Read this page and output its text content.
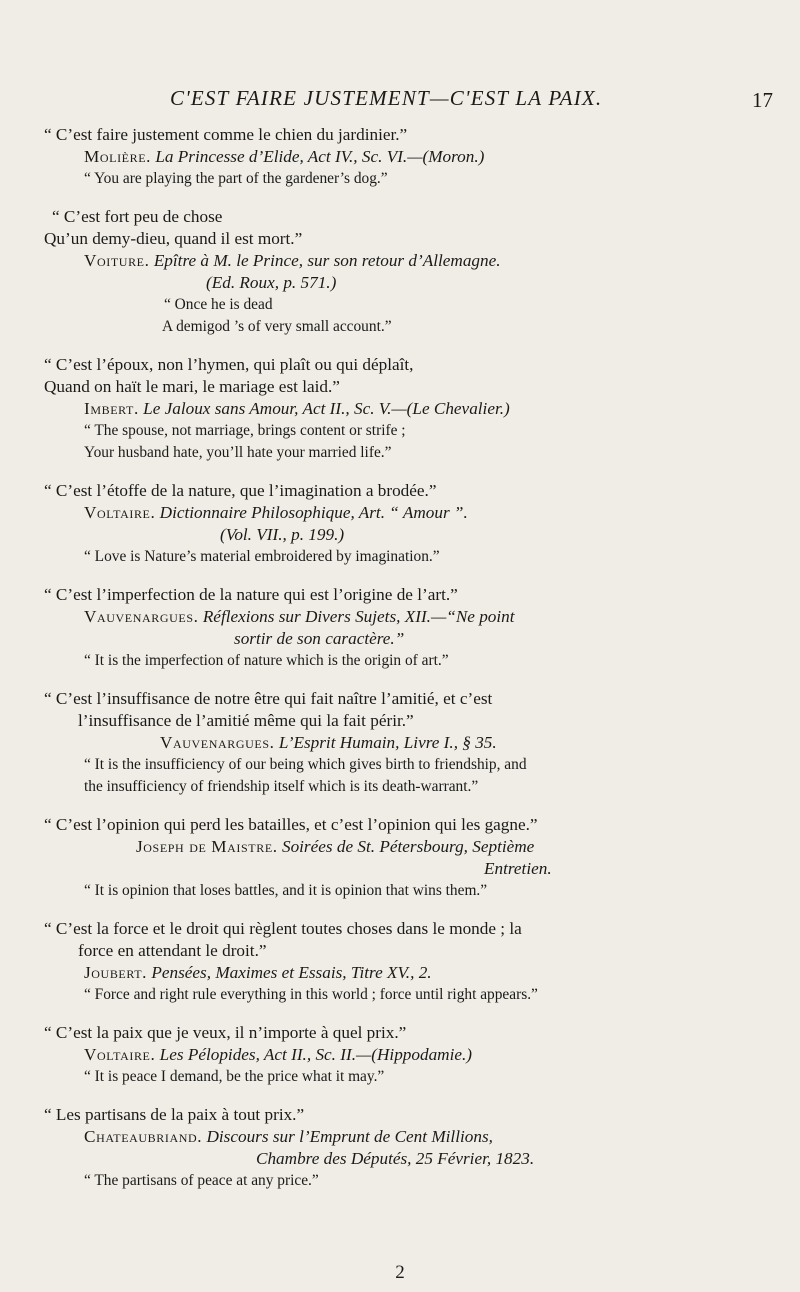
C'EST FAIRE JUSTEMENT—C'EST LA PAIX.	17
“ C’est faire justement comme le chien du jardinier.”
Molière. La Princesse d’Elide, Act IV., Sc. VI.—(Moron.)
“ You are playing the part of the gardener’s dog.”
“ C’est fort peu de chose
Qu’un demy-dieu, quand il est mort.”
Voiture. Epître à M. le Prince, sur son retour d’Allemagne.
(Ed. Roux, p. 571.)
“ Once he is dead
A demigod ’s of very small account.”
“ C’est l’époux, non l’hymen, qui plaît ou qui déplaît,
Quand on haït le mari, le mariage est laid.”
Imbert. Le Jaloux sans Amour, Act II., Sc. V.—(Le Chevalier.)
“ The spouse, not marriage, brings content or strife ;
Your husband hate, you’ll hate your married life.”
“ C’est l’étoffe de la nature, que l’imagination a brodée.”
Voltaire. Dictionnaire Philosophique, Art. “ Amour ”.
(Vol. VII., p. 199.)
“ Love is Nature’s material embroidered by imagination.”
“ C’est l’imperfection de la nature qui est l’origine de l’art.”
Vauvenargues. Réflexions sur Divers Sujets, XII.—“Ne point
sortir de son caractère.”
“ It is the imperfection of nature which is the origin of art.”
“ C’est l’insuffisance de notre être qui fait naître l’amitié, et c’est
l’insuffisance de l’amitié même qui la fait périr.”
Vauvenargues. L’Esprit Humain, Livre I., § 35.
“ It is the insufficiency of our being which gives birth to friendship, and
the insufficiency of friendship itself which is its death-warrant.”
“ C’est l’opinion qui perd les batailles, et c’est l’opinion qui les gagne.”
Joseph de Maistre. Soirées de St. Pétersbourg, Septième
Entretien.
“ It is opinion that loses battles, and it is opinion that wins them.”
“ C’est la force et le droit qui règlent toutes choses dans le monde ; la
force en attendant le droit.”
Joubert. Pensées, Maximes et Essais, Titre XV., 2.
“ Force and right rule everything in this world ; force until right appears.”
“ C’est la paix que je veux, il n’importe à quel prix.”
Voltaire. Les Pélopides, Act II., Sc. II.—(Hippodamie.)
“ It is peace I demand, be the price what it may.”
“ Les partisans de la paix à tout prix.”
Chateaubriand. Discours sur l’Emprunt de Cent Millions,
Chambre des Députés, 25 Février, 1823.
“ The partisans of peace at any price.”
2
